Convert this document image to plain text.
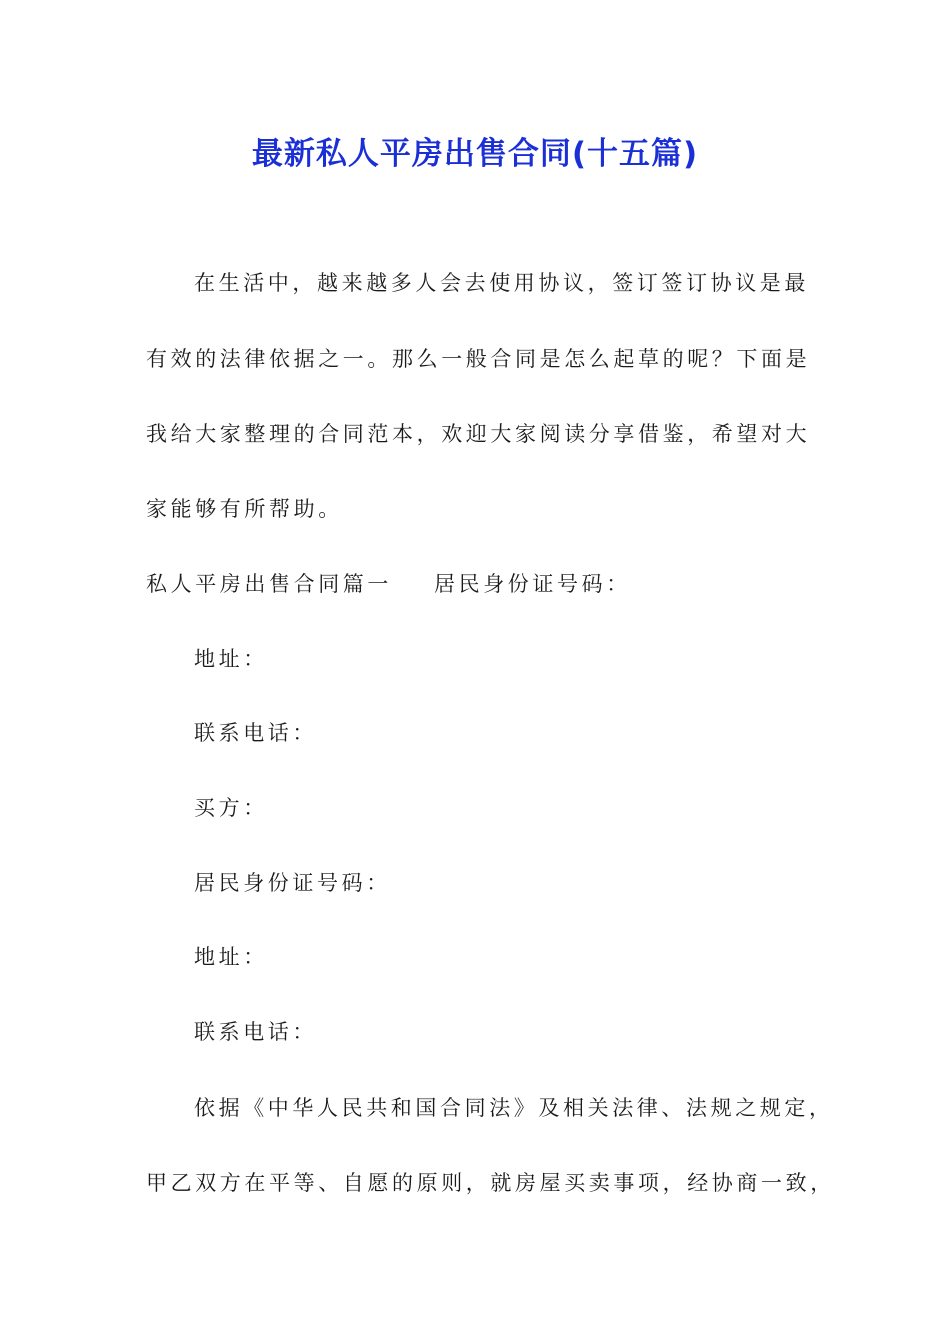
最新私人平房出售合同(十五篇)
在生活中，越来越多人会去使用协议，签订签订协议是最
有效的法律依据之一。那么一般合同是怎么起草的呢？下面是
我给大家整理的合同范本，欢迎大家阅读分享借鉴，希望对大
家能够有所帮助。
私人平房出售合同篇一 居民身份证号码：
地址：
联系电话：
买方：
居民身份证号码：
地址：
联系电话：
依据《中华人民共和国合同法》及相关法律、法规之规定，
甲乙双方在平等、自愿的原则，就房屋买卖事项，经协商一致，
